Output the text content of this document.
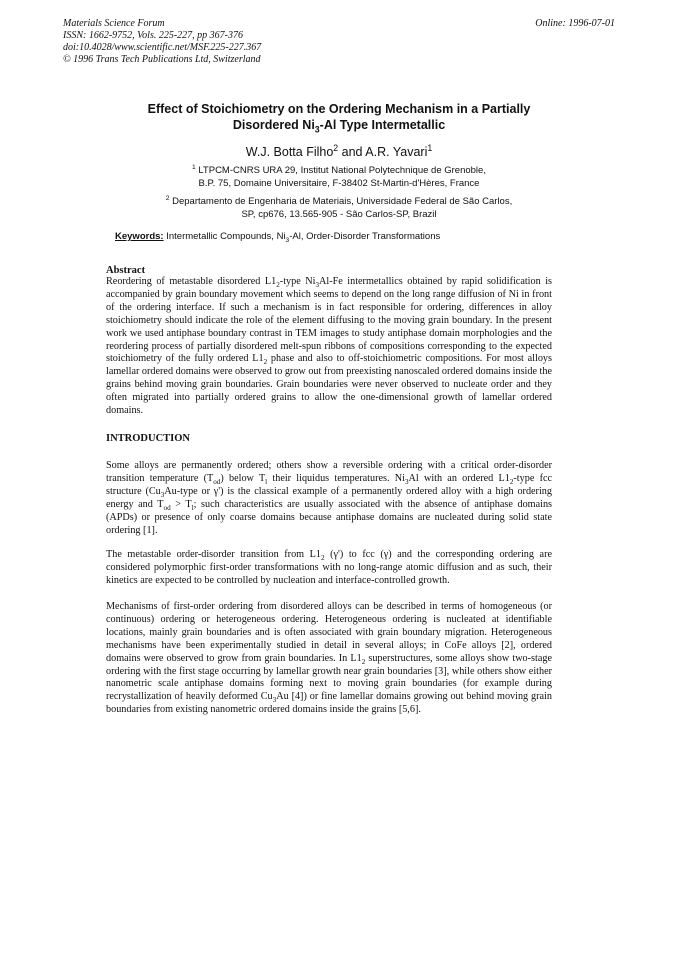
Materials Science Forum
ISSN: 1662-9752, Vols. 225-227, pp 367-376
doi:10.4028/www.scientific.net/MSF.225-227.367
© 1996 Trans Tech Publications Ltd, Switzerland
Online: 1996-07-01
Effect of Stoichiometry on the Ordering Mechanism in a Partially
Disordered $Ni_3-Al$ Type Intermetallic
W.J. Botta Filho$^2$ and A.R. Yavari$^1$
$^1$ LTPCM-CNRS URA 29, Institut National Polytechnique de Grenoble,
B.P. 75, Domaine Universitaire, F-38402 St-Martin-d'Hères, France
$^2$ Departamento de Engenharia de Materiais, Universidade Federal de São Carlos,
SP, cp676, 13.565-905 - São Carlos-SP, Brazil
Keywords: Intermetallic Compounds, $Ni_3-Al$, Order-Disorder Transformations
Abstract
Reordering of metastable disordered $L1_2$-type $Ni_3Al-Fe$ intermetallics obtained by rapid solidification is accompanied by grain boundary movement which seems to depend on the long range diffusion of Ni in front of the ordering interface. If such a mechanism is in fact responsible for ordering, differences in alloy stoichiometry should indicate the role of the element diffusing to the moving grain boundary. In the present work we used antiphase boundary contrast in TEM images to study antiphase domain morphologies and the reordering process of partially disordered melt-spun ribbons of compositions corresponding to the expected stoichiometry of the fully ordered $L1_2$ phase and also to off-stoichiometric compositions. For most alloys lamellar ordered domains were observed to grow out from preexisting nanoscaled ordered domains inside the grains behind moving grain boundaries. Grain boundaries were never observed to nucleate order and they often migrated into partially ordered grains to allow the one-dimensional growth of lamellar ordered domains.
INTRODUCTION
Some alloys are permanently ordered; others show a reversible ordering with a critical order-disorder transition temperature $(T_{od})$ below $T_l$ their liquidus temperatures. $Ni_3Al$ with an ordered $L1_2$-type fcc structure ($Cu_3Au$-type or γ') is the classical example of a permanently ordered alloy with a high ordering energy and $T_{od} > T_l$; such characteristics are usually associated with the absence of antiphase domains (APDs) or presence of only coarse domains because antiphase domains are nucleated during solid state ordering [1].
The metastable order-disorder transition from $L1_2$ (γ') to fcc (γ) and the corresponding ordering are considered polymorphic first-order transformations with no long-range atomic diffusion and as such, their kinetics are expected to be controlled by nucleation and interface-controlled growth.
Mechanisms of first-order ordering from disordered alloys can be described in terms of homogeneous (or continuous) ordering or heterogeneous ordering. Heterogeneous ordering is nucleated at identifiable locations, mainly grain boundaries and is often associated with grain boundary migration. Heterogeneous mechanisms have been experimentally studied in detail in several alloys; in CoFe alloys [2], ordered domains were observed to grow from grain boundaries. In $L1_2$ superstructures, some alloys show two-stage ordering with the first stage occurring by lamellar growth near grain boundaries [3], while others show either nanometric scale antiphase domains forming next to moving grain boundaries (for example during recrystallization of heavily deformed $Cu_3Au$ [4]) or fine lamellar domains growing out behind moving grain boundaries from existing nanometric ordered domains inside the grains [5,6].
